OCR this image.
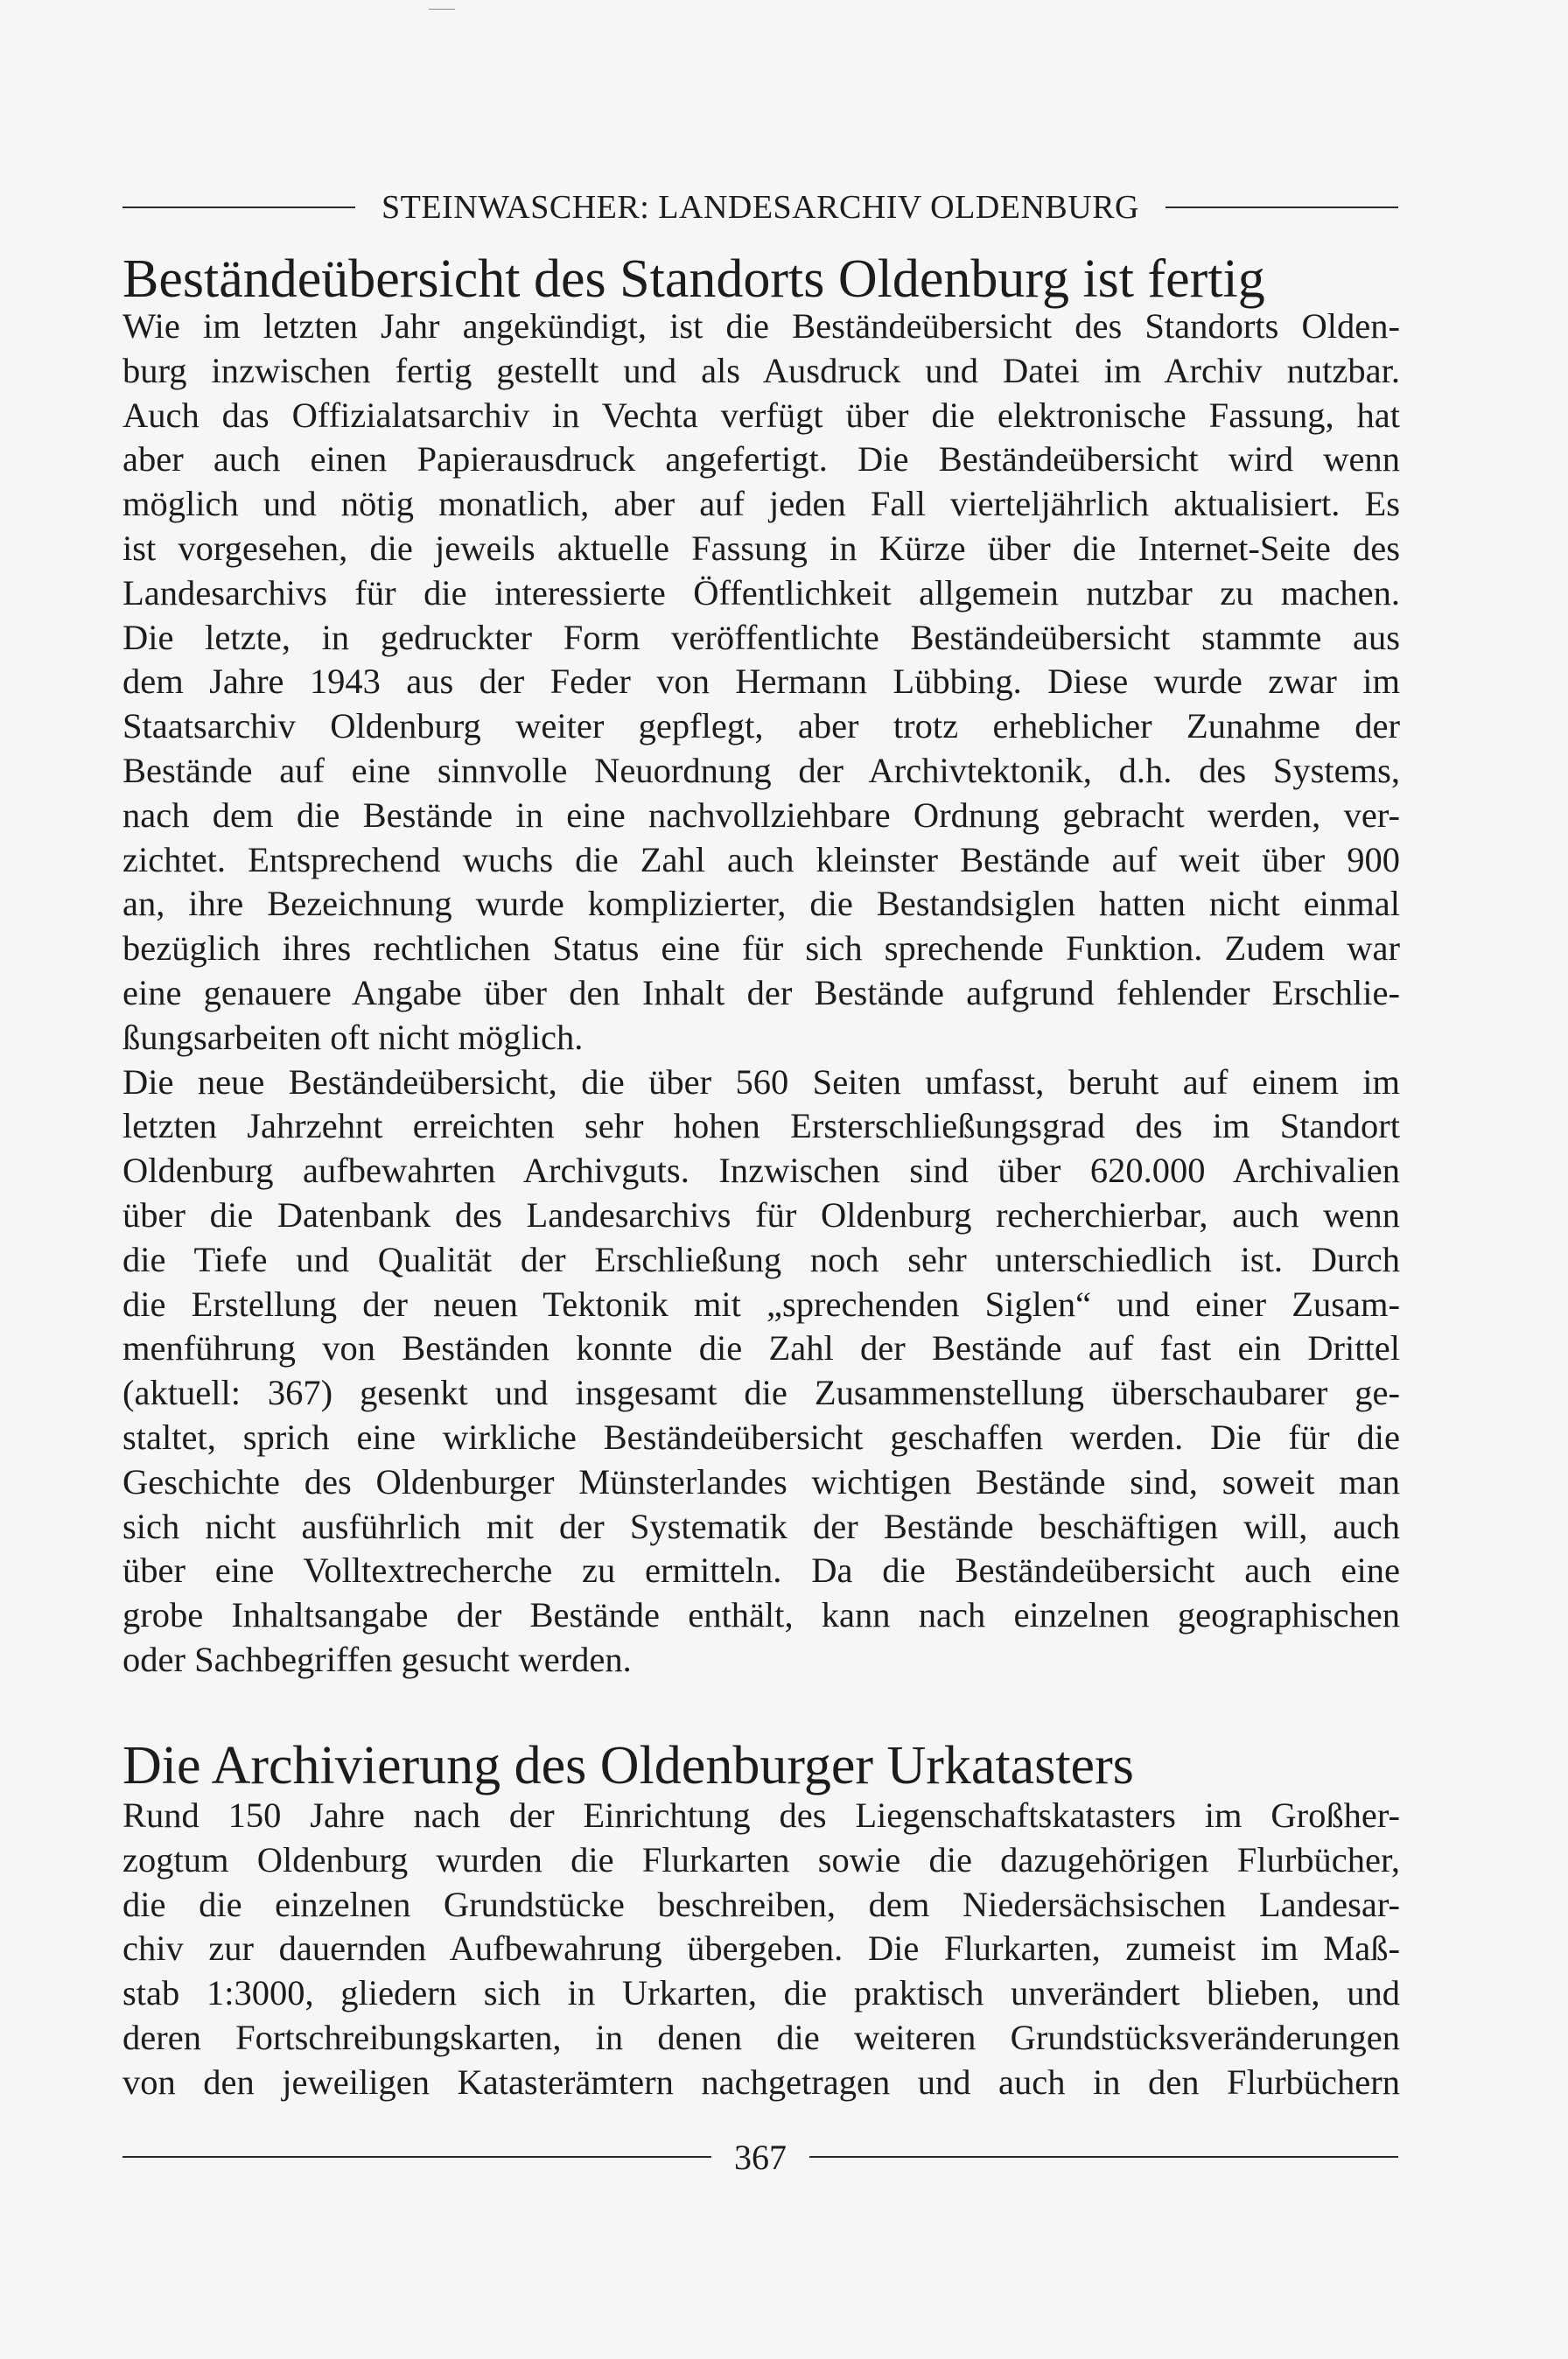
STEINWASCHER: LANDESARCHIV OLDENBURG
Beständeübersicht des Standorts Oldenburg ist fertig
Wie im letzten Jahr angekündigt, ist die Beständeübersicht des Standorts Olden-
burg inzwischen fertig gestellt und als Ausdruck und Datei im Archiv nutzbar.
Auch das Offizialatsarchiv in Vechta verfügt über die elektronische Fassung, hat
aber auch einen Papierausdruck angefertigt. Die Beständeübersicht wird wenn
möglich und nötig monatlich, aber auf jeden Fall vierteljährlich aktualisiert. Es
ist vorgesehen, die jeweils aktuelle Fassung in Kürze über die Internet-Seite des
Landesarchivs für die interessierte Öffentlichkeit allgemein nutzbar zu machen.
Die letzte, in gedruckter Form veröffentlichte Beständeübersicht stammte aus
dem Jahre 1943 aus der Feder von Hermann Lübbing. Diese wurde zwar im
Staatsarchiv Oldenburg weiter gepflegt, aber trotz erheblicher Zunahme der
Bestände auf eine sinnvolle Neuordnung der Archivtektonik, d.h. des Systems,
nach dem die Bestände in eine nachvollziehbare Ordnung gebracht werden, ver-
zichtet. Entsprechend wuchs die Zahl auch kleinster Bestände auf weit über 900
an, ihre Bezeichnung wurde komplizierter, die Bestandsiglen hatten nicht einmal
bezüglich ihres rechtlichen Status eine für sich sprechende Funktion. Zudem war
eine genauere Angabe über den Inhalt der Bestände aufgrund fehlender Erschlie-
ßungsarbeiten oft nicht möglich.
Die neue Beständeübersicht, die über 560 Seiten umfasst, beruht auf einem im
letzten Jahrzehnt erreichten sehr hohen Ersterschließungsgrad des im Standort
Oldenburg aufbewahrten Archivguts. Inzwischen sind über 620.000 Archivalien
über die Datenbank des Landesarchivs für Oldenburg recherchierbar, auch wenn
die Tiefe und Qualität der Erschließung noch sehr unterschiedlich ist. Durch
die Erstellung der neuen Tektonik mit „sprechenden Siglen“ und einer Zusam-
menführung von Beständen konnte die Zahl der Bestände auf fast ein Drittel
(aktuell: 367) gesenkt und insgesamt die Zusammenstellung überschaubarer ge-
staltet, sprich eine wirkliche Beständeübersicht geschaffen werden. Die für die
Geschichte des Oldenburger Münsterlandes wichtigen Bestände sind, soweit man
sich nicht ausführlich mit der Systematik der Bestände beschäftigen will, auch
über eine Volltextrecherche zu ermitteln. Da die Beständeübersicht auch eine
grobe Inhaltsangabe der Bestände enthält, kann nach einzelnen geographischen
oder Sachbegriffen gesucht werden.
Die Archivierung des Oldenburger Urkatasters
Rund 150 Jahre nach der Einrichtung des Liegenschaftskatasters im Großher-
zogtum Oldenburg wurden die Flurkarten sowie die dazugehörigen Flurbücher,
die die einzelnen Grundstücke beschreiben, dem Niedersächsischen Landesar-
chiv zur dauernden Aufbewahrung übergeben. Die Flurkarten, zumeist im Maß-
stab 1:3000, gliedern sich in Urkarten, die praktisch unverändert blieben, und
deren Fortschreibungskarten, in denen die weiteren Grundstücksveränderungen
von den jeweiligen Katasterämtern nachgetragen und auch in den Flurbüchern
367
